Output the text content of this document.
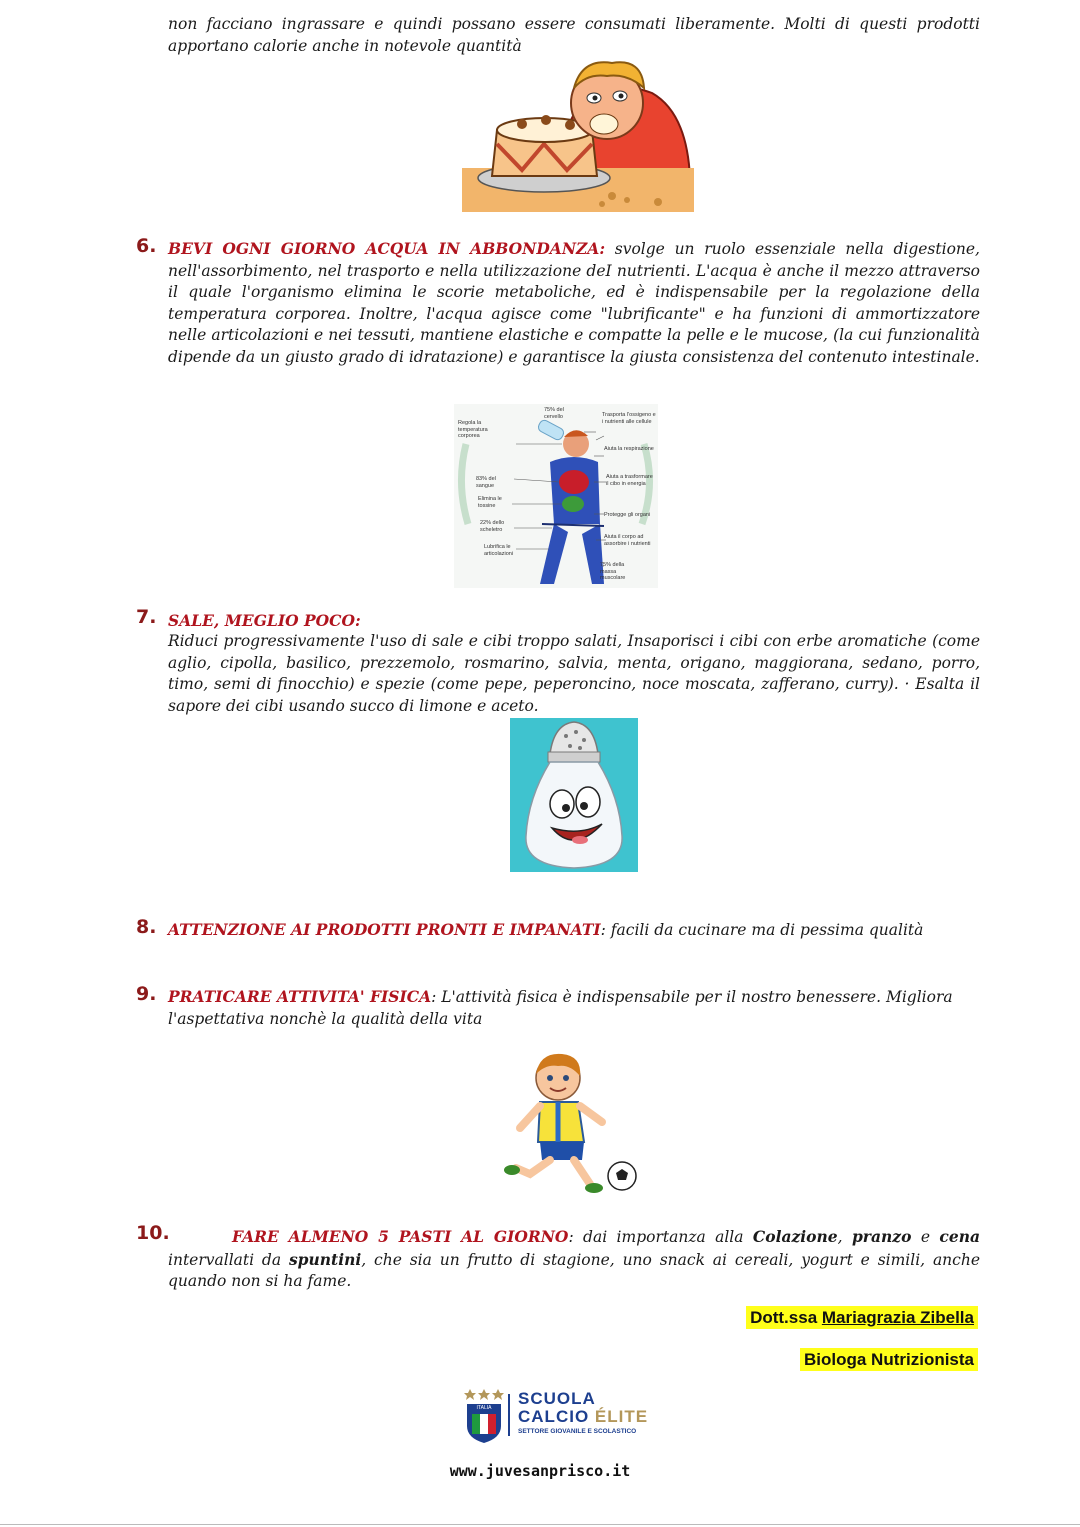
non facciano ingrassare e quindi possano essere consumati liberamente. Molti di questi prodotti apportano calorie anche in notevole quantità
6. BEVI OGNI GIORNO ACQUA IN ABBONDANZA: svolge un ruolo essenziale nella digestione, nell'assorbimento, nel trasporto e nella utilizzazione deI nutrienti. L'acqua è anche il mezzo attraverso il quale l'organismo elimina le scorie metaboliche, ed è indispensabile per la regolazione della temperatura corporea. Inoltre, l'acqua agisce come "lubrificante" e ha funzioni di ammortizzatore nelle articolazioni e nei tessuti, mantiene elastiche e compatte la pelle e le mucose, (la cui funzionalità dipende da un giusto grado di idratazione) e garantisce la giusta consistenza del contenuto intestinale.
75% del cervello	Trasporta l'ossigeno e i nutrienti alle cellule
Regola la temperatura corporea
Aiuta la respirazione
83% del sangue
Aiuta a trasformare il cibo in energia
Elimina le tossine
Protegge gli organi
22% dello scheletro
Aiuta il corpo ad assorbire i nutrienti
Lubrifica le articolazioni
75% della massa muscolare
7. SALE, MEGLIO POCO:
Riduci progressivamente l'uso di sale e cibi troppo salati, Insaporisci i cibi con erbe aromatiche (come aglio, cipolla, basilico, prezzemolo, rosmarino, salvia, menta, origano, maggiorana, sedano, porro, timo, semi di finocchio) e spezie (come pepe, peperoncino, noce moscata, zafferano, curry). · Esalta il sapore dei cibi usando succo di limone e aceto.
8. ATTENZIONE AI PRODOTTI PRONTI E IMPANATI: facili da cucinare ma di pessima qualità
9. PRATICARE ATTIVITA' FISICA: L'attività fisica è indispensabile per il nostro benessere. Migliora l'aspettativa nonchè la qualità della vita
10.	FARE ALMENO 5 PASTI AL GIORNO: dai importanza alla Colazione, pranzo e cena intervallati da spuntini, che sia un frutto di stagione, uno snack ai cereali, yogurt e simili, anche quando non si ha fame.
Dott.ssa Mariagrazia Zibella
Biologa Nutrizionista
ITALIA SCUOLA
CALCIO ÉLITE
SETTORE GIOVANILE E SCOLASTICO
www.juvesanprisco.it
